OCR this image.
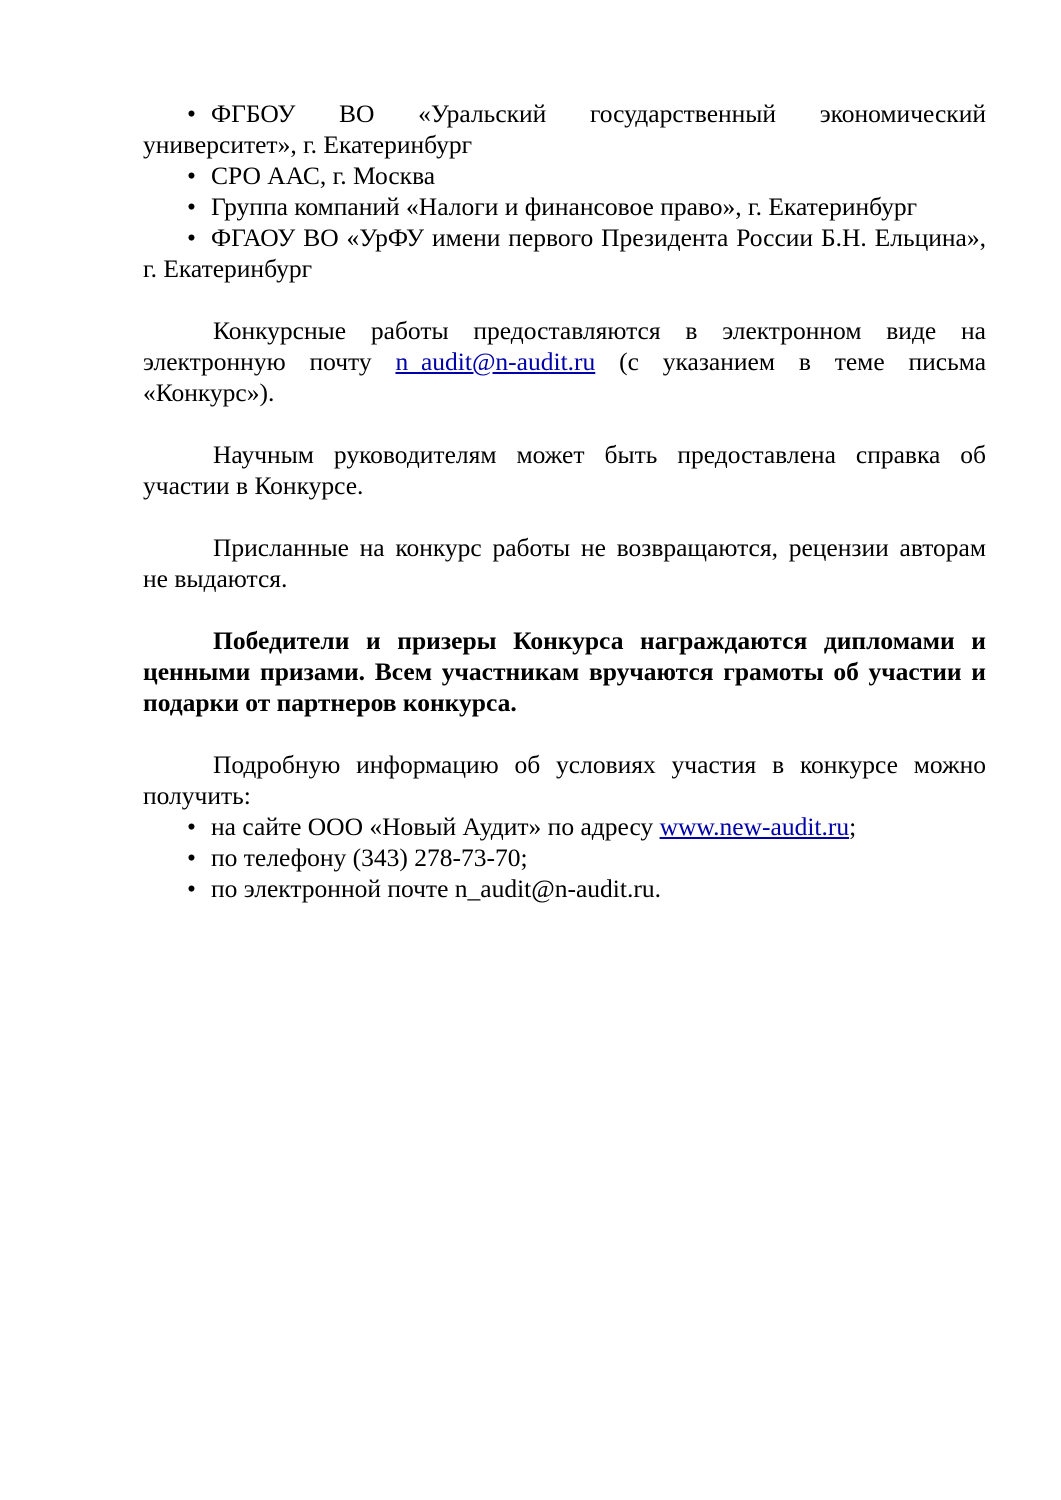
•
ФГБОУ ВО «Уральский государственный экономический университет», г. Екатеринбург
•
СРО ААС, г. Москва
•
Группа компаний «Налоги и финансовое право», г. Екатеринбург
•
ФГАОУ ВО «УрФУ имени первого Президента России Б.Н. Ельцина», г. Екатеринбург

Конкурсные работы предоставляются в электронном виде на электронную почту n_audit@n-audit.ru (с указанием в теме письма «Конкурс»).

Научным руководителям может быть предоставлена справка об участии в Конкурсе.

Присланные на конкурс работы не возвращаются, рецензии авторам не выдаются.

Победители и призеры Конкурса награждаются дипломами и ценными призами. Всем участникам вручаются грамоты об участии и подарки от партнеров конкурса.

Подробную информацию об условиях участия в конкурсе можно получить:

•
на сайте ООО «Новый Аудит» по адресу www.new-audit.ru;
•
по телефону (343) 278-73-70;
•
по электронной почте n_audit@n-audit.ru.
